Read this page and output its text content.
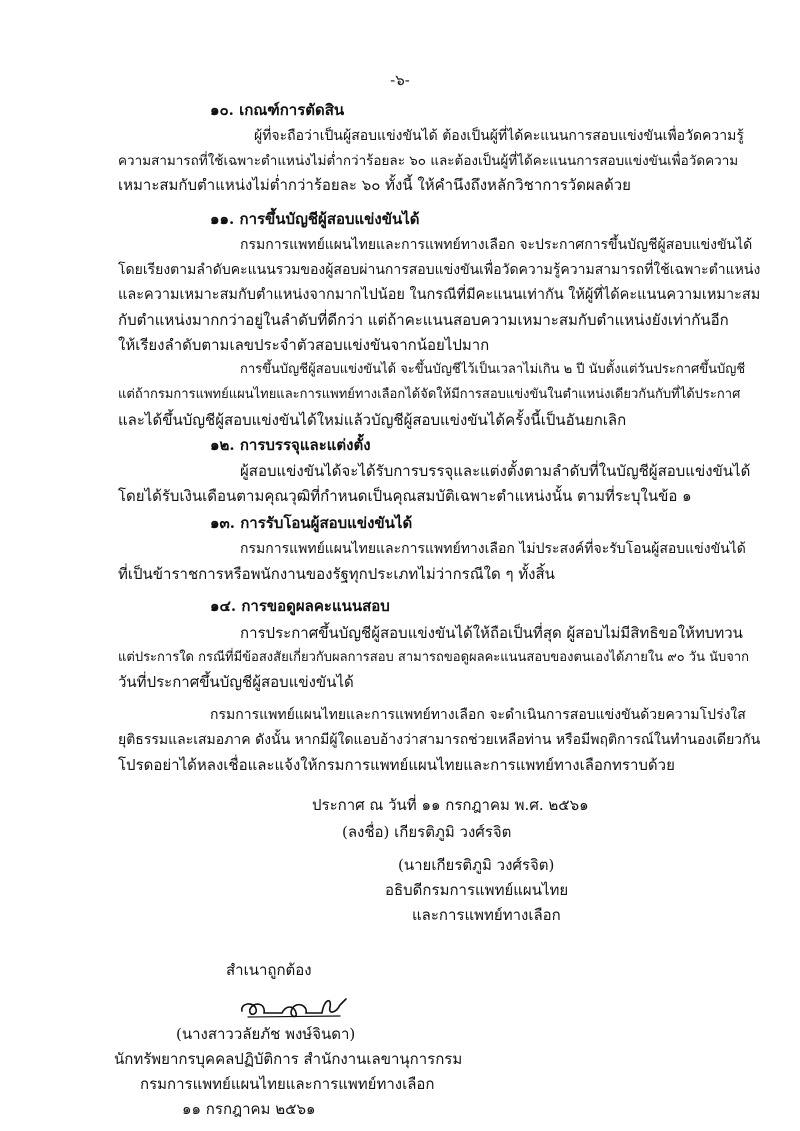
-๖-
๑๐. เกณฑ์การตัดสิน
ผู้ที่จะถือว่าเป็นผู้สอบแข่งขันได้ ต้องเป็นผู้ที่ได้คะแนนการสอบแข่งขันเพื่อวัดความรู้
ความสามารถที่ใช้เฉพาะตำแหน่งไม่ต่ำกว่าร้อยละ ๖๐ และต้องเป็นผู้ที่ได้คะแนนการสอบแข่งขันเพื่อวัดความ
เหมาะสมกับตำแหน่งไม่ต่ำกว่าร้อยละ ๖๐ ทั้งนี้ ให้คำนึงถึงหลักวิชาการวัดผลด้วย
๑๑. การขึ้นบัญชีผู้สอบแข่งขันได้
กรมการแพทย์แผนไทยและการแพทย์ทางเลือก จะประกาศการขึ้นบัญชีผู้สอบแข่งขันได้
โดยเรียงตามลำดับคะแนนรวมของผู้สอบผ่านการสอบแข่งขันเพื่อวัดความรู้ความสามารถที่ใช้เฉพาะตำแหน่ง
และความเหมาะสมกับตำแหน่งจากมากไปน้อย ในกรณีที่มีคะแนนเท่ากัน ให้ผู้ที่ได้คะแนนความเหมาะสม
กับตำแหน่งมากกว่าอยู่ในลำดับที่ดีกว่า แต่ถ้าคะแนนสอบความเหมาะสมกับตำแหน่งยังเท่ากันอีก
ให้เรียงลำดับตามเลขประจำตัวสอบแข่งขันจากน้อยไปมาก
การขึ้นบัญชีผู้สอบแข่งขันได้ จะขึ้นบัญชีไว้เป็นเวลาไม่เกิน ๒ ปี นับตั้งแต่วันประกาศขึ้นบัญชี
แต่ถ้ากรมการแพทย์แผนไทยและการแพทย์ทางเลือกได้จัดให้มีการสอบแข่งขันในตำแหน่งเดียวกันกับที่ได้ประกาศ
และได้ขึ้นบัญชีผู้สอบแข่งขันได้ใหม่แล้วบัญชีผู้สอบแข่งขันได้ครั้งนี้เป็นอันยกเลิก
๑๒. การบรรจุและแต่งตั้ง
ผู้สอบแข่งขันได้จะได้รับการบรรจุและแต่งตั้งตามลำดับที่ในบัญชีผู้สอบแข่งขันได้
โดยได้รับเงินเดือนตามคุณวุฒิที่กำหนดเป็นคุณสมบัติเฉพาะตำแหน่งนั้น ตามที่ระบุในข้อ ๑
๑๓. การรับโอนผู้สอบแข่งขันได้
กรมการแพทย์แผนไทยและการแพทย์ทางเลือก ไม่ประสงค์ที่จะรับโอนผู้สอบแข่งขันได้
ที่เป็นข้าราชการหรือพนักงานของรัฐทุกประเภทไม่ว่ากรณีใด ๆ ทั้งสิ้น
๑๔. การขอดูผลคะแนนสอบ
การประกาศขึ้นบัญชีผู้สอบแข่งขันได้ให้ถือเป็นที่สุด ผู้สอบไม่มีสิทธิขอให้ทบทวน
แต่ประการใด กรณีที่มีข้อสงสัยเกี่ยวกับผลการสอบ สามารถขอดูผลคะแนนสอบของตนเองได้ภายใน ๙๐ วัน นับจาก
วันที่ประกาศขึ้นบัญชีผู้สอบแข่งขันได้
กรมการแพทย์แผนไทยและการแพทย์ทางเลือก จะดำเนินการสอบแข่งขันด้วยความโปร่งใส
ยุติธรรมและเสมอภาค ดังนั้น หากมีผู้ใดแอบอ้างว่าสามารถช่วยเหลือท่าน หรือมีพฤติการณ์ในทำนองเดียวกัน
โปรดอย่าได้หลงเชื่อและแจ้งให้กรมการแพทย์แผนไทยและการแพทย์ทางเลือกทราบด้วย
ประกาศ ณ วันที่ ๑๑ กรกฎาคม พ.ศ. ๒๕๖๑
(ลงชื่อ) เกียรติภูมิ วงศ์รจิต
(นายเกียรติภูมิ วงศ์รจิต)
อธิบดีกรมการแพทย์แผนไทย
และการแพทย์ทางเลือก
สำเนาถูกต้อง
(นางสาววลัยภัช พงษ์จินดา)
นักทรัพยากรบุคคลปฏิบัติการ สำนักงานเลขานุการกรม
กรมการแพทย์แผนไทยและการแพทย์ทางเลือก
๑๑ กรกฎาคม ๒๕๖๑
